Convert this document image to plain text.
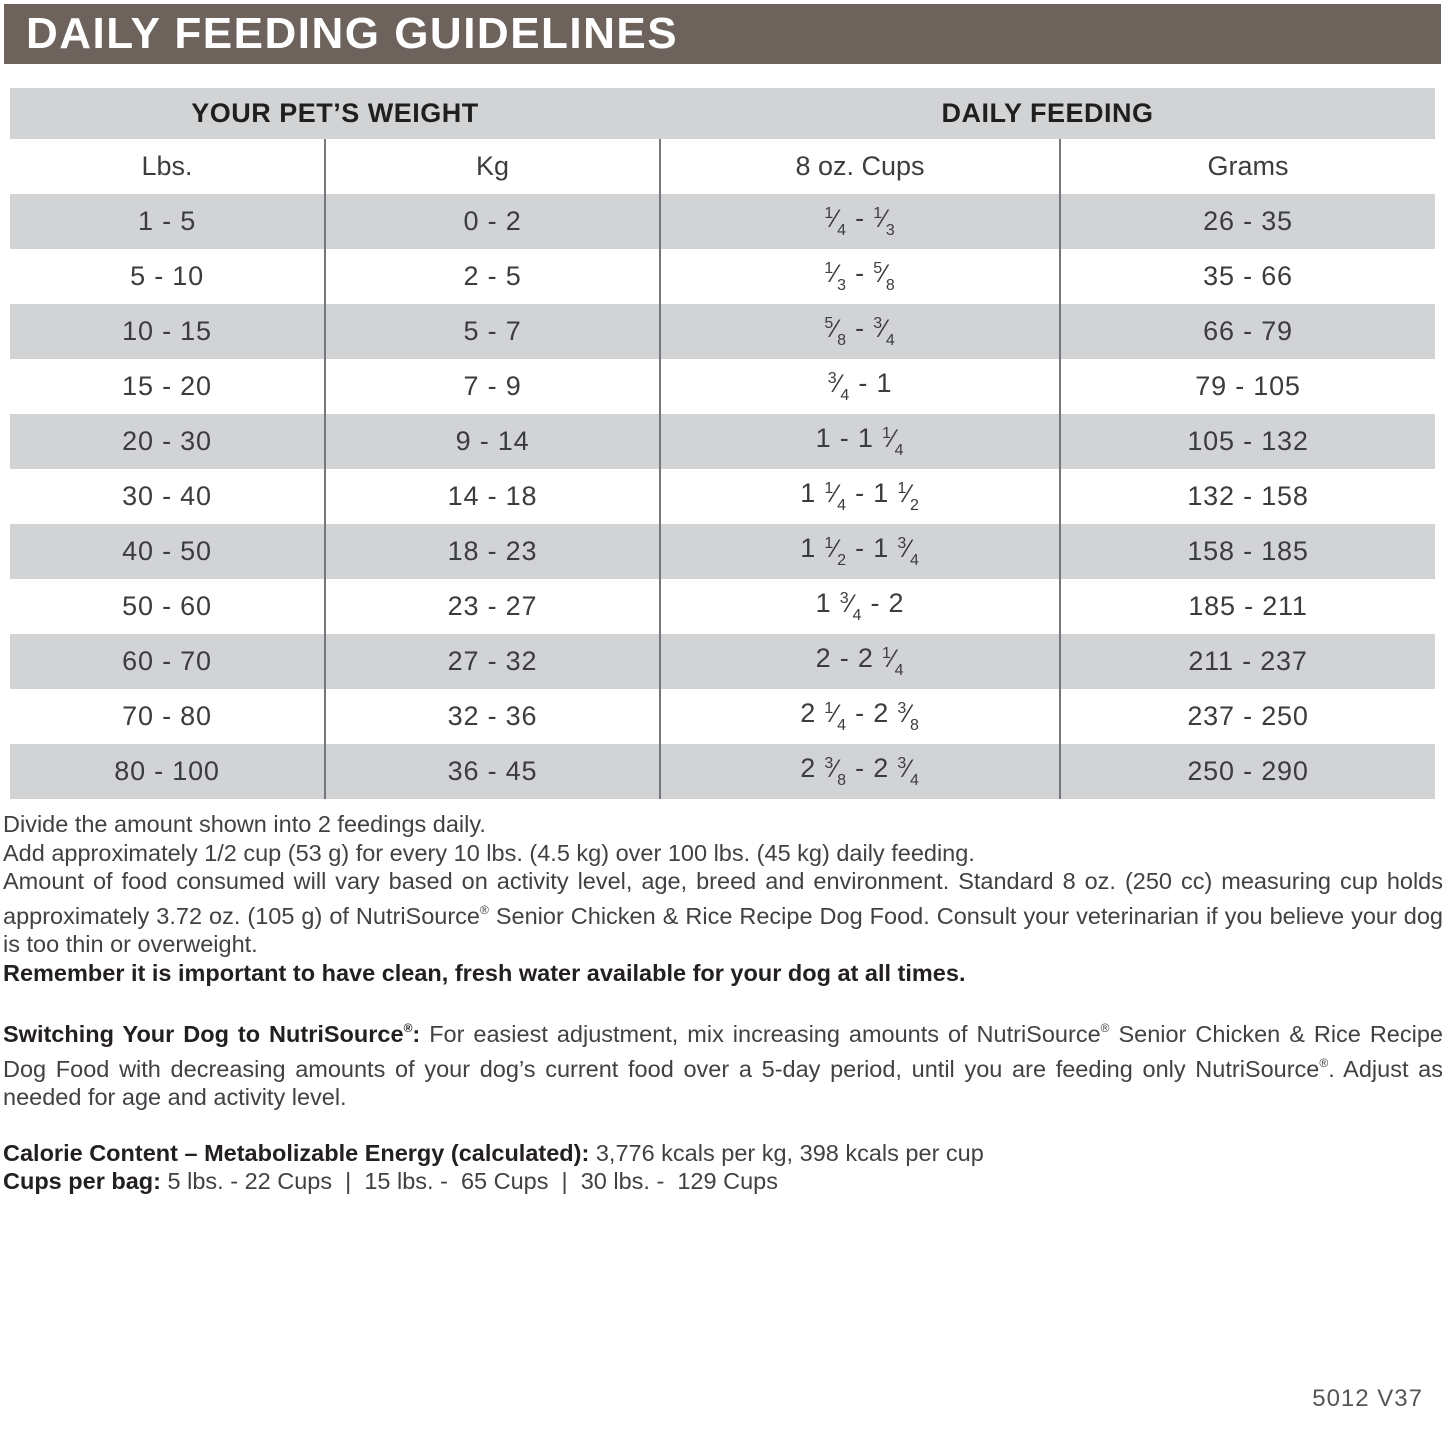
DAILY FEEDING GUIDELINES
YOUR PET’S WEIGHT		DAILY FEEDING	
Lbs.	Kg	8 oz. Cups	Grams
1 - 5	0 - 2	$^1⁄_4$ - $^1⁄_3$	26 - 35
5 - 10	2 - 5	$^1⁄_3$ - $^5⁄_8$	35 - 66
10 - 15	5 - 7	$^5⁄_8$ - $^3⁄_4$	66 - 79
15 - 20	7 - 9	$^3⁄_4 - 1$	79 - 105
20 - 30	9 - 14	1 - 1 $^1⁄_4$	105 - 132
30 - 40	14 - 18	1 $^1⁄_4 - 1$ $^1⁄_2$	132 - 158
40 - 50	18 - 23	1 $^1⁄_2 - 1$ $^3⁄_4$	158 - 185
50 - 60	23 - 27	1 $^3⁄_4 - 2$	185 - 211
60 - 70	27 - 32	2 - 2 $^1⁄_4$	211 - 237
70 - 80	32 - 36	2 $^1⁄_4 - 2$ $^3⁄_8$	237 - 250
80 - 100	36 - 45	2 $^3⁄_8 - 2$ $^3⁄_4$	250 - 290

Divide the amount shown into 2 feedings daily.

Add approximately 1/2 cup (53 g) for every 10 lbs. (4.5 kg) over 100 lbs. (45 kg) daily feeding.

Amount of food consumed will vary based on activity level, age, breed and environment. Standard 8 oz. (250 cc) measuring cup holds approximately 3.72 oz. (105 g) of NutriSource® Senior Chicken & Rice Recipe Dog Food. Consult your veterinarian if you believe your dog is too thin or overweight.

Remember it is important to have clean, fresh water available for your dog at all times.

Switching Your Dog to NutriSource®: For easiest adjustment, mix increasing amounts of NutriSource® Senior Chicken & Rice Recipe Dog Food with decreasing amounts of your dog’s current food over a 5-day period, until you are feeding only NutriSource®. Adjust as needed for age and activity level.

Calorie Content – Metabolizable Energy (calculated): 3,776 kcals per kg, 398 kcals per cup

Cups per bag: 5 lbs. - 22 Cups  |  15 lbs. -  65 Cups  |  30 lbs. -  129 Cups

5012 V37
